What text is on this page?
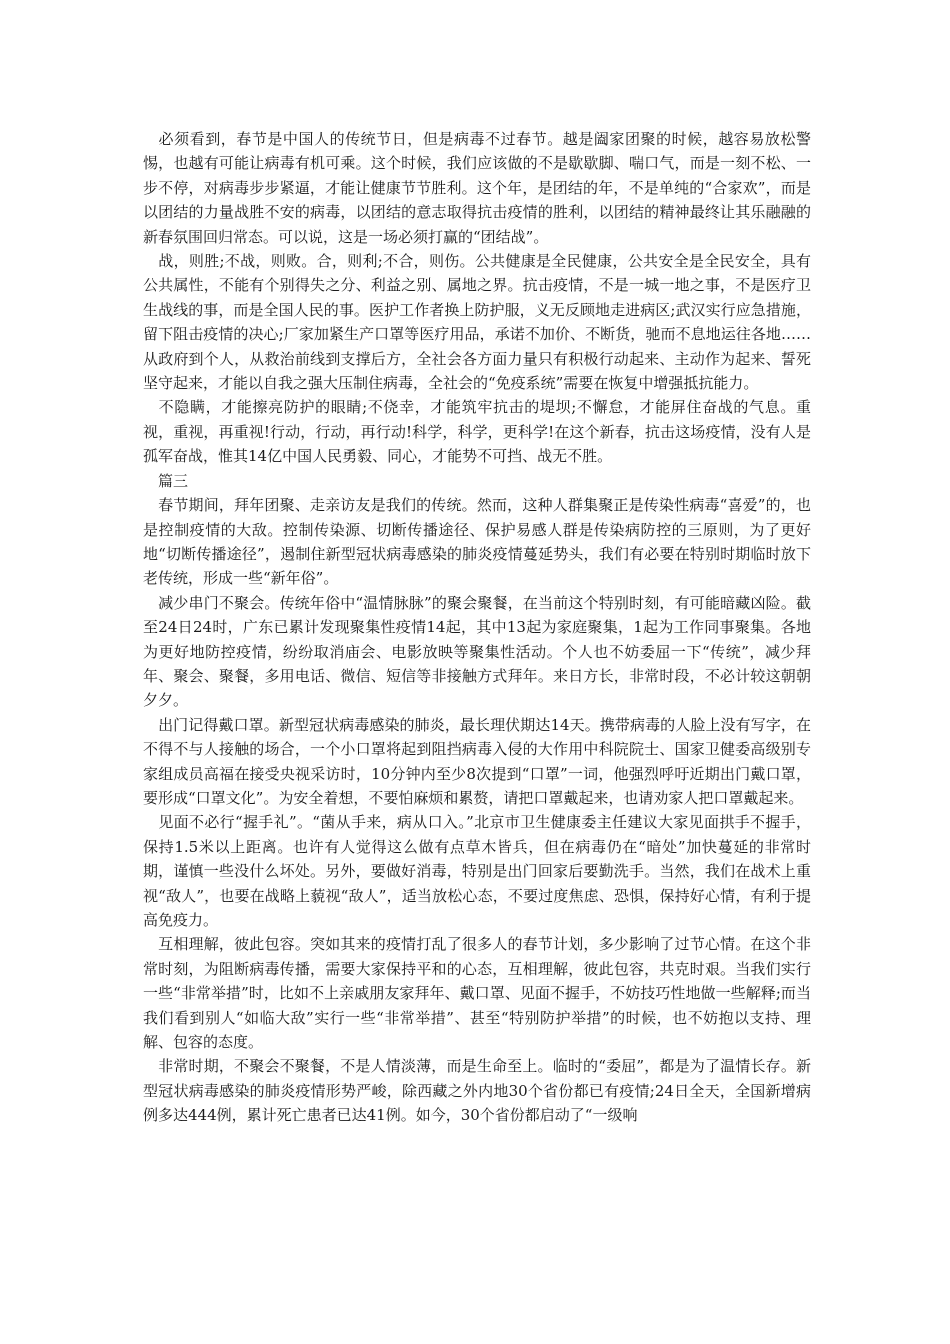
　必须看到，春节是中国人的传统节日，但是病毒不过春节。越是阖家团聚的时候，越容易放松警惕，也越有可能让病毒有机可乘。这个时候，我们应该做的不是歇歇脚、喘口气，而是一刻不松、一步不停，对病毒步步紧逼，才能让健康节节胜利。这个年，是团结的年，不是单纯的“合家欢”，而是以团结的力量战胜不安的病毒，以团结的意志取得抗击疫情的胜利，以团结的精神最终让其乐融融的新春氛围回归常态。可以说，这是一场必须打赢的“团结战”。

　战，则胜;不战，则败。合，则利;不合，则伤。公共健康是全民健康，公共安全是全民安全，具有公共属性，不能有个别得失之分、利益之别、属地之界。抗击疫情，不是一城一地之事，不是医疗卫生战线的事，而是全国人民的事。医护工作者换上防护服，义无反顾地走进病区;武汉实行应急措施，留下阻击疫情的决心;厂家加紧生产口罩等医疗用品，承诺不加价、不断货，驰而不息地运往各地……从政府到个人，从救治前线到支撑后方，全社会各方面力量只有积极行动起来、主动作为起来、誓死坚守起来，才能以自我之强大压制住病毒，全社会的“免疫系统”需要在恢复中增强抵抗能力。

　不隐瞒，才能擦亮防护的眼睛;不侥幸，才能筑牢抗击的堤坝;不懈怠，才能屏住奋战的气息。重视，重视，再重视!行动，行动，再行动!科学，科学，更科学!在这个新春，抗击这场疫情，没有人是孤军奋战，惟其14亿中国人民勇毅、同心，才能势不可挡、战无不胜。

　篇三

　春节期间，拜年团聚、走亲访友是我们的传统。然而，这种人群集聚正是传染性病毒“喜爱”的，也是控制疫情的大敌。控制传染源、切断传播途径、保护易感人群是传染病防控的三原则，为了更好地“切断传播途径”，遏制住新型冠状病毒感染的肺炎疫情蔓延势头，我们有必要在特别时期临时放下老传统，形成一些“新年俗”。

　减少串门不聚会。传统年俗中“温情脉脉”的聚会聚餐，在当前这个特别时刻，有可能暗藏凶险。截至24日24时，广东已累计发现聚集性疫情14起，其中13起为家庭聚集，1起为工作同事聚集。各地为更好地防控疫情，纷纷取消庙会、电影放映等聚集性活动。个人也不妨委屈一下“传统”，减少拜年、聚会、聚餐，多用电话、微信、短信等非接触方式拜年。来日方长，非常时段，不必计较这朝朝夕夕。

　出门记得戴口罩。新型冠状病毒感染的肺炎，最长理伏期达14天。携带病毒的人脸上没有写字，在不得不与人接触的场合，一个小口罩将起到阻挡病毒入侵的大作用中科院院士、国家卫健委高级别专家组成员高福在接受央视采访时，10分钟内至少8次提到“口罩”一词，他强烈呼吁近期出门戴口罩，要形成“口罩文化”。为安全着想，不要怕麻烦和累赘，请把口罩戴起来，也请劝家人把口罩戴起来。

　见面不必行“握手礼”。“菌从手来，病从口入。”北京市卫生健康委主任建议大家见面拱手不握手，保持1.5米以上距离。也许有人觉得这么做有点草木皆兵，但在病毒仍在“暗处”加快蔓延的非常时期，谨慎一些没什么坏处。另外，要做好消毒，特别是出门回家后要勤洗手。当然，我们在战术上重视“敌人”，也要在战略上藐视“敌人”，适当放松心态，不要过度焦虑、恐惧，保持好心情，有利于提高免疫力。

　互相理解，彼此包容。突如其来的疫情打乱了很多人的春节计划，多少影响了过节心情。在这个非常时刻，为阻断病毒传播，需要大家保持平和的心态，互相理解，彼此包容，共克时艰。当我们实行一些“非常举措”时，比如不上亲戚朋友家拜年、戴口罩、见面不握手，不妨技巧性地做一些解释;而当我们看到别人“如临大敌”实行一些“非常举措”、甚至“特别防护举措”的时候，也不妨抱以支持、理解、包容的态度。

　非常时期，不聚会不聚餐，不是人情淡薄，而是生命至上。临时的“委屈”，都是为了温情长存。新型冠状病毒感染的肺炎疫情形势严峻，除西藏之外内地30个省份都已有疫情;24日全天，全国新增病例多达444例，累计死亡患者已达41例。如今，30个省份都启动了“一级响
